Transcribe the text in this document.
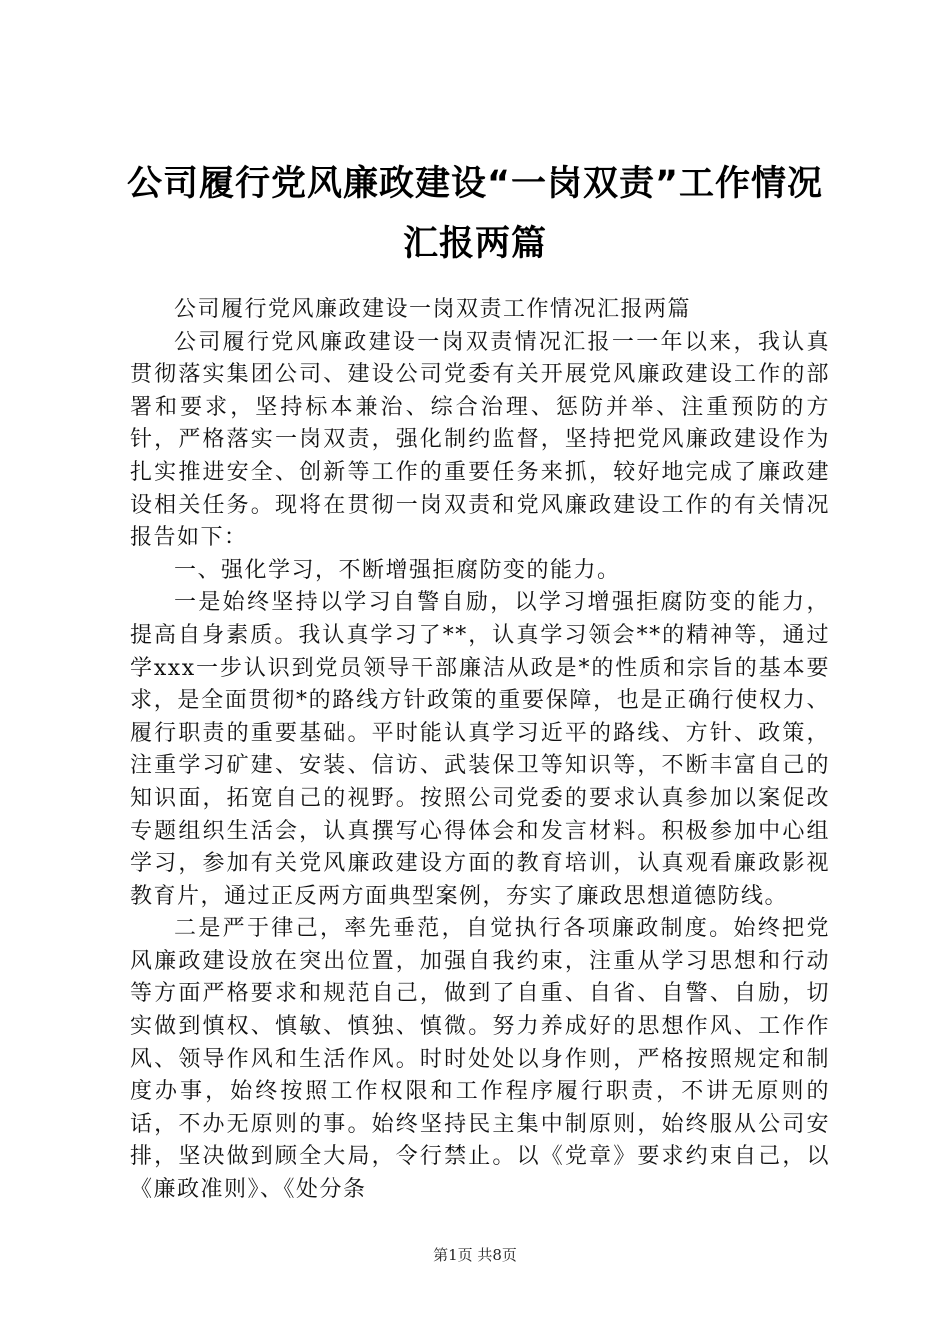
公司履行党风廉政建设“一岗双责”工作情况
汇报两篇

公司履行党风廉政建设一岗双责工作情况汇报两篇

公司履行党风廉政建设一岗双责情况汇报一一年以来，我认真贯彻落实集团公司、建设公司党委有关开展党风廉政建设工作的部署和要求，坚持标本兼治、综合治理、惩防并举、注重预防的方针，严格落实一岗双责，强化制约监督，坚持把党风廉政建设作为扎实推进安全、创新等工作的重要任务来抓，较好地完成了廉政建设相关任务。现将在贯彻一岗双责和党风廉政建设工作的有关情况报告如下：

一、强化学习，不断增强拒腐防变的能力。

一是始终坚持以学习自警自励，以学习增强拒腐防变的能力，提高自身素质。我认真学习了**，认真学习领会**的精神等，通过学xxx一步认识到党员领导干部廉洁从政是*的性质和宗旨的基本要求，是全面贯彻*的路线方针政策的重要保障，也是正确行使权力、履行职责的重要基础。平时能认真学习近平的路线、方针、政策，注重学习矿建、安装、信访、武装保卫等知识等，不断丰富自己的知识面，拓宽自己的视野。按照公司党委的要求认真参加以案促改专题组织生活会，认真撰写心得体会和发言材料。积极参加中心组学习，参加有关党风廉政建设方面的教育培训，认真观看廉政影视教育片，通过正反两方面典型案例，夯实了廉政思想道德防线。

二是严于律己，率先垂范，自觉执行各项廉政制度。始终把党风廉政建设放在突出位置，加强自我约束，注重从学习思想和行动等方面严格要求和规范自己，做到了自重、自省、自警、自励，切实做到慎权、慎敏、慎独、慎微。努力养成好的思想作风、工作作风、领导作风和生活作风。时时处处以身作则，严格按照规定和制度办事，始终按照工作权限和工作程序履行职责，不讲无原则的话，不办无原则的事。始终坚持民主集中制原则，始终服从公司安排，坚决做到顾全大局，令行禁止。以《党章》要求约束自己，以《廉政准则》、《处分条

第1页 共8页
